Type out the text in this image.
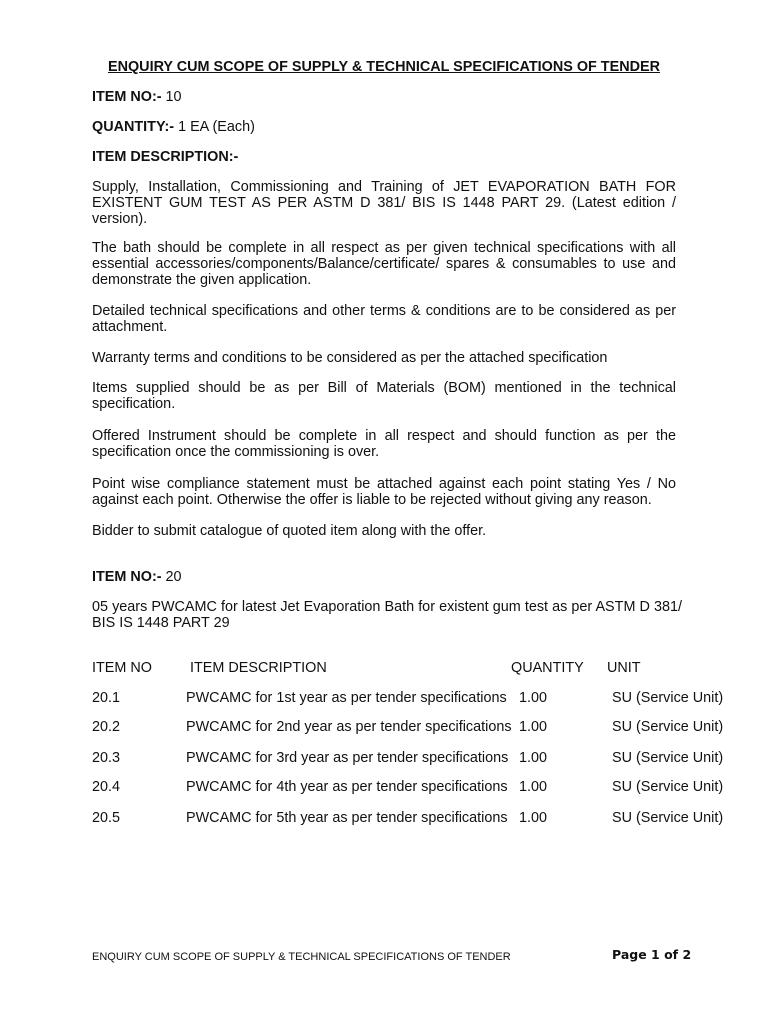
ENQUIRY CUM SCOPE OF SUPPLY & TECHNICAL SPECIFICATIONS OF TENDER
ITEM NO:- 10
QUANTITY:- 1 EA (Each)
ITEM DESCRIPTION:-
Supply, Installation, Commissioning and Training of JET EVAPORATION BATH FOR EXISTENT GUM TEST AS PER ASTM D 381/ BIS IS 1448 PART 29. (Latest edition / version).
The bath should be complete in all respect as per given technical specifications with all essential accessories/components/Balance/certificate/ spares & consumables to use and demonstrate the given application.
Detailed technical specifications and other terms & conditions are to be considered as per attachment.
Warranty terms and conditions to be considered as per the attached specification
Items supplied should be as per Bill of Materials (BOM) mentioned in the technical specification.
Offered Instrument should be complete in all respect and should function as per the specification once the commissioning is over.
Point wise compliance statement must be attached against each point stating Yes / No against each point. Otherwise the offer is liable to be rejected without giving any reason.
Bidder to submit catalogue of quoted item along with the offer.
ITEM NO:- 20
05 years PWCAMC for latest Jet Evaporation Bath for existent gum test as per ASTM D 381/ BIS IS 1448 PART 29
ITEM NO	ITEM DESCRIPTION	QUANTITY UNIT
20.1	PWCAMC for 1st year as per tender specifications 1.00	SU (Service Unit)
20.2	PWCAMC for 2nd year as per tender specifications 1.00	SU (Service Unit)
20.3	PWCAMC for 3rd year as per tender specifications 1.00	SU (Service Unit)
20.4	PWCAMC for 4th year as per tender specifications 1.00	SU (Service Unit)
20.5	PWCAMC for 5th year as per tender specifications 1.00	SU (Service Unit)
ENQUIRY CUM SCOPE OF SUPPLY & TECHNICAL SPECIFICATIONS OF TENDER	Page 1 of 2
